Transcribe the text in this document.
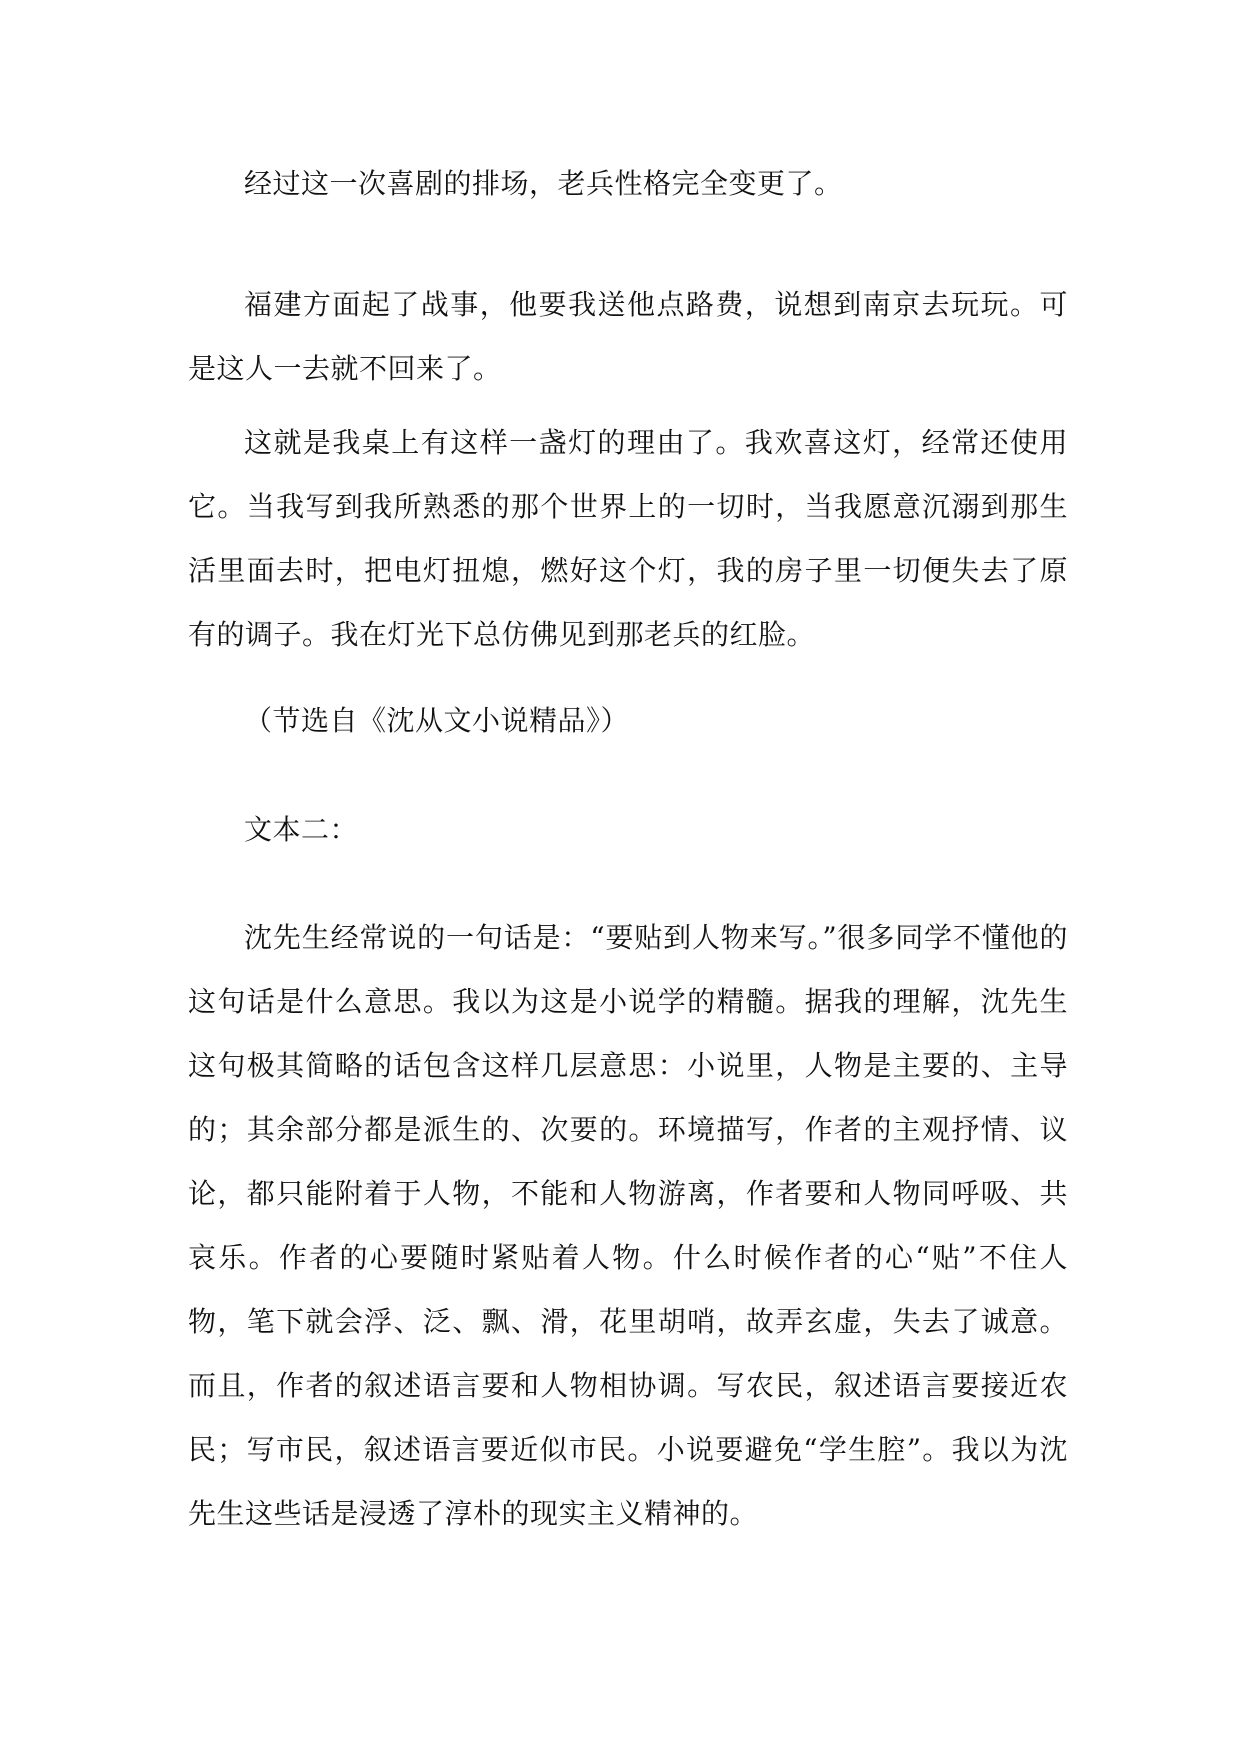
经过这一次喜剧的排场，老兵性格完全变更了。

福建方面起了战事，他要我送他点路费，说想到南京去玩玩。可是这人一去就不回来了。

这就是我桌上有这样一盏灯的理由了。我欢喜这灯，经常还使用它。当我写到我所熟悉的那个世界上的一切时，当我愿意沉溺到那生活里面去时，把电灯扭熄，燃好这个灯，我的房子里一切便失去了原有的调子。我在灯光下总仿佛见到那老兵的红脸。

（节选自《沈从文小说精品》）

文本二：

沈先生经常说的一句话是：“要贴到人物来写。”很多同学不懂他的这句话是什么意思。我以为这是小说学的精髓。据我的理解，沈先生这句极其简略的话包含这样几层意思：小说里，人物是主要的、主导的；其余部分都是派生的、次要的。环境描写，作者的主观抒情、议论，都只能附着于人物，不能和人物游离，作者要和人物同呼吸、共哀乐。作者的心要随时紧贴着人物。什么时候作者的心“贴”不住人物，笔下就会浮、泛、飘、滑，花里胡哨，故弄玄虚，失去了诚意。而且，作者的叙述语言要和人物相协调。写农民，叙述语言要接近农民；写市民，叙述语言要近似市民。小说要避免“学生腔”。我以为沈先生这些话是浸透了淳朴的现实主义精神的。
